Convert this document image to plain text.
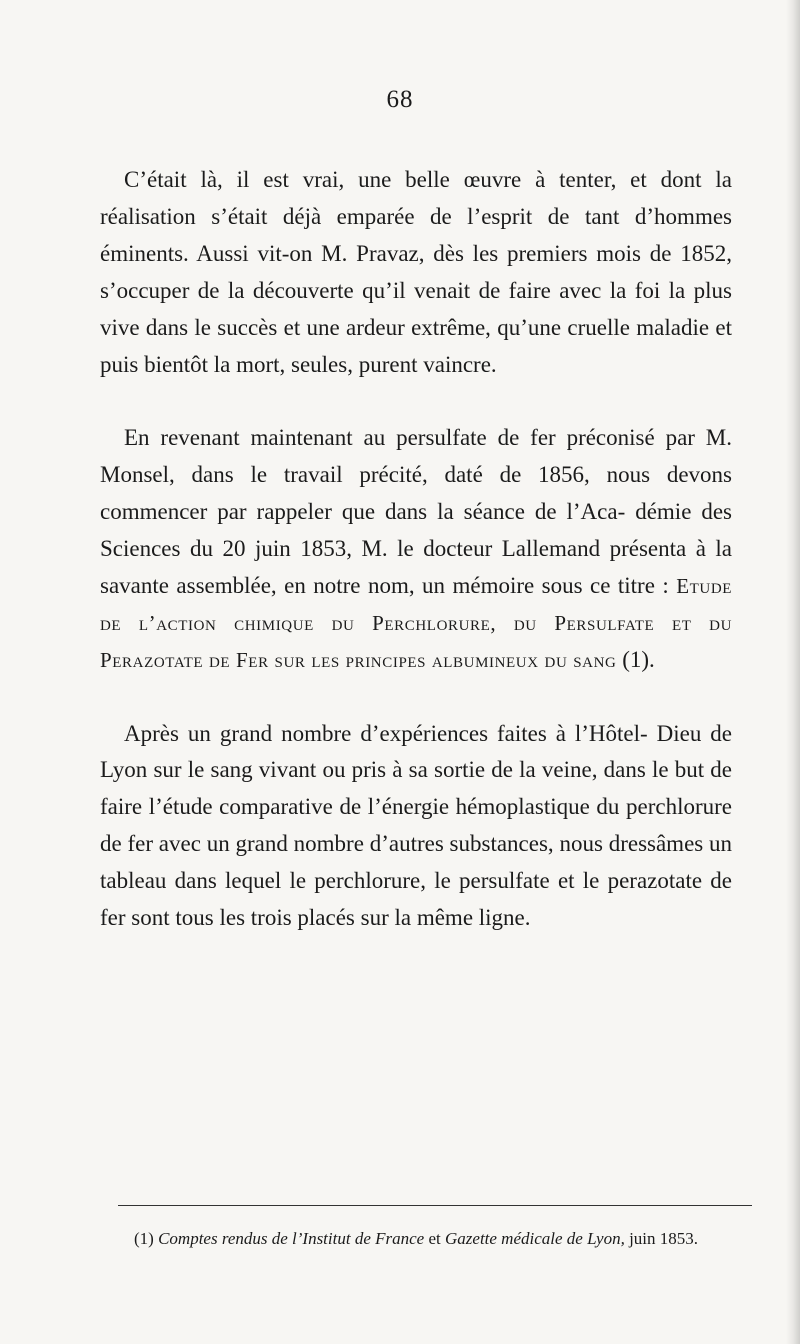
68

C’était là, il est vrai, une belle œuvre à tenter, et dont la réalisation s’était déjà emparée de l’esprit de tant d’hommes éminents. Aussi vit-on M. Pravaz, dès les premiers mois de 1852, s’occuper de la découverte qu’il venait de faire avec la foi la plus vive dans le succès et une ardeur extrême, qu’une cruelle maladie et puis bientôt la mort, seules, purent vaincre.

En revenant maintenant au persulfate de fer préconisé par M. Monsel, dans le travail précité, daté de 1856, nous devons commencer par rappeler que dans la séance de l’Aca- démie des Sciences du 20 juin 1853, M. le docteur Lallemand présenta à la savante assemblée, en notre nom, un mémoire sous ce titre : Etude de l’action chimique du Perchlorure, du Persulfate et du Perazotate de Fer sur les principes albumineux du sang (1).

Après un grand nombre d’expériences faites à l’Hôtel- Dieu de Lyon sur le sang vivant ou pris à sa sortie de la veine, dans le but de faire l’étude comparative de l’énergie hémoplastique du perchlorure de fer avec un grand nombre d’autres substances, nous dressâmes un tableau dans lequel le perchlorure, le persulfate et le perazotate de fer sont tous les trois placés sur la même ligne.

(1) Comptes rendus de l’Institut de France et Gazette médicale de Lyon, juin 1853.
